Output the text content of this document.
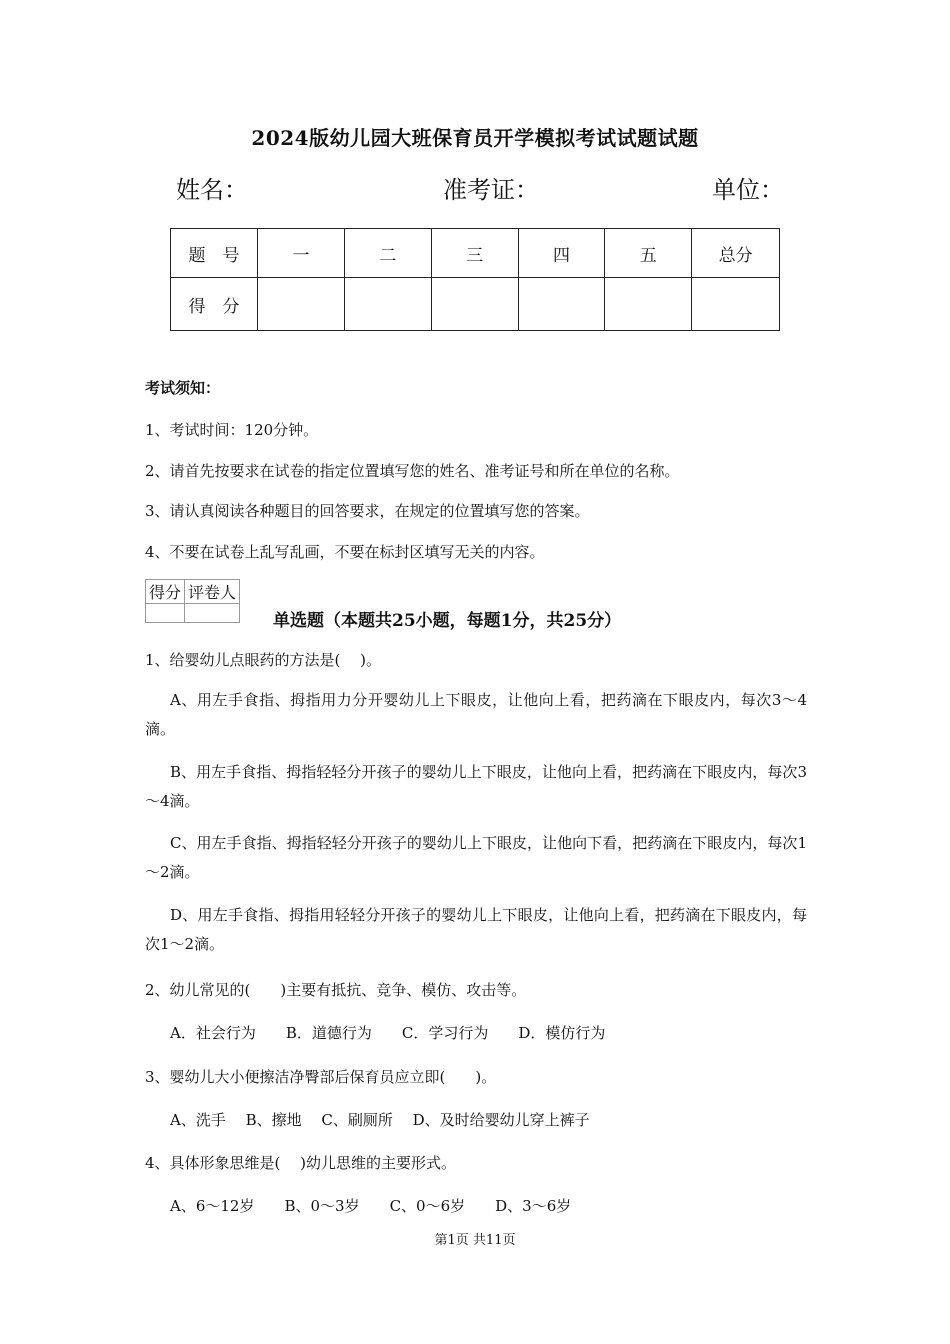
2024版幼儿园大班保育员开学模拟考试试题试题
姓名：	准考证：	单位：
题　号	一	二	三	四	五	总分
得　分						
考试须知：
1、考试时间：120分钟。
2、请首先按要求在试卷的指定位置填写您的姓名、准考证号和所在单位的名称。
3、请认真阅读各种题目的回答要求，在规定的位置填写您的答案。
4、不要在试卷上乱写乱画，不要在标封区填写无关的内容。
得分	评卷人

单选题（本题共25小题，每题1分，共25分）
1、给婴幼儿点眼药的方法是(　 )。
A、用左手食指、拇指用力分开婴幼儿上下眼皮，让他向上看，把药滴在下眼皮内，每次3～4滴。
B、用左手食指、拇指轻轻分开孩子的婴幼儿上下眼皮，让他向上看，把药滴在下眼皮内，每次3～4滴。
C、用左手食指、拇指轻轻分开孩子的婴幼儿上下眼皮，让他向下看，把药滴在下眼皮内，每次1～2滴。
D、用左手食指、拇指用轻轻分开孩子的婴幼儿上下眼皮，让他向上看，把药滴在下眼皮内，每次1～2滴。
2、幼儿常见的(　　)主要有抵抗、竞争、模仿、攻击等。
A．社会行为　　B．道德行为　　C．学习行为　　D．模仿行为
3、婴幼儿大小便擦洁净臀部后保育员应立即(　　)。
A、洗手　 B、擦地　 C、刷厕所　 D、及时给婴幼儿穿上裤子
4、具体形象思维是(　 )幼儿思维的主要形式。
A、6～12岁　　B、0～3岁　　C、0～6岁　　D、3～6岁
第1页 共11页
